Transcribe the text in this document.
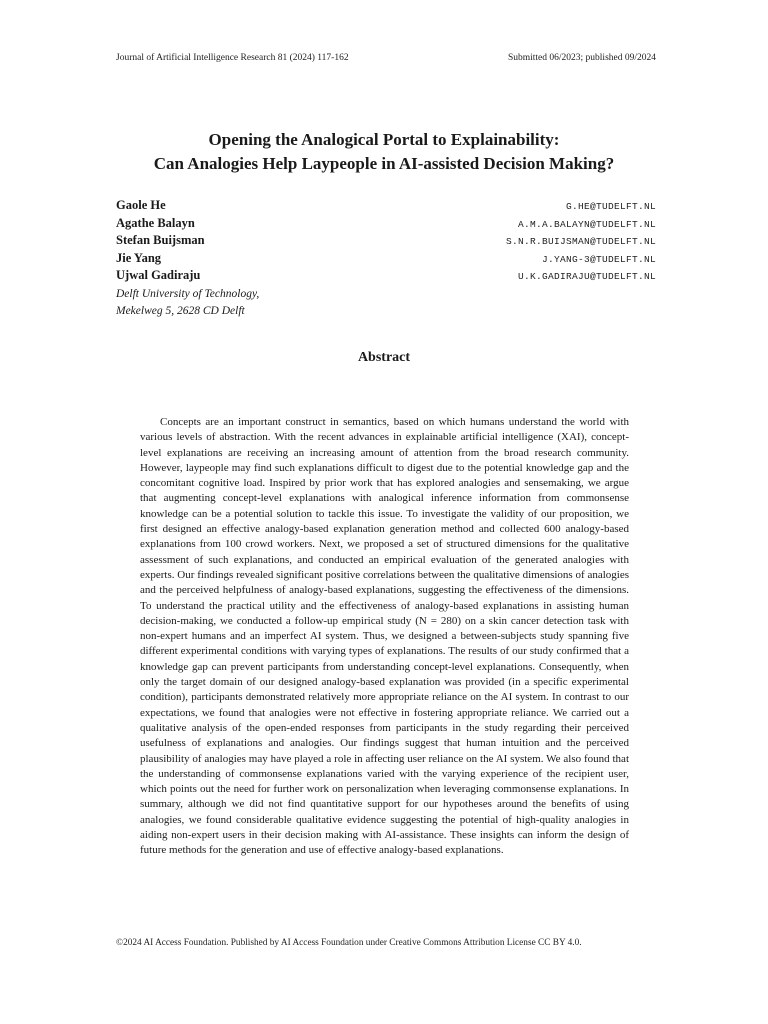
Journal of Artificial Intelligence Research 81 (2024) 117-162	Submitted 06/2023; published 09/2024
Opening the Analogical Portal to Explainability:
Can Analogies Help Laypeople in AI-assisted Decision Making?
Gaole He	G.HE@TUDELFT.NL
Agathe Balayn	A.M.A.BALAYN@TUDELFT.NL
Stefan Buijsman	S.N.R.BUIJSMAN@TUDELFT.NL
Jie Yang	J.YANG-3@TUDELFT.NL
Ujwal Gadiraju	U.K.GADIRAJU@TUDELFT.NL
Delft University of Technology,
Mekelweg 5, 2628 CD Delft
Abstract

Concepts are an important construct in semantics, based on which humans understand the world with various levels of abstraction. With the recent advances in explainable artificial intelligence (XAI), concept-level explanations are receiving an increasing amount of attention from the broad research community. However, laypeople may find such explanations difficult to digest due to the potential knowledge gap and the concomitant cognitive load. Inspired by prior work that has explored analogies and sensemaking, we argue that augmenting concept-level explanations with analogical inference information from commonsense knowledge can be a potential solution to tackle this issue. To investigate the validity of our proposition, we first designed an effective analogy-based explanation generation method and collected 600 analogy-based explanations from 100 crowd workers. Next, we proposed a set of structured dimensions for the qualitative assessment of such explanations, and conducted an empirical evaluation of the generated analogies with experts. Our findings revealed significant positive correlations between the qualitative dimensions of analogies and the perceived helpfulness of analogy-based explanations, suggesting the effectiveness of the dimensions. To understand the practical utility and the effectiveness of analogy-based explanations in assisting human decision-making, we conducted a follow-up empirical study (N = 280) on a skin cancer detection task with non-expert humans and an imperfect AI system. Thus, we designed a between-subjects study spanning five different experimental conditions with varying types of explanations. The results of our study confirmed that a knowledge gap can prevent participants from understanding concept-level explanations. Consequently, when only the target domain of our designed analogy-based explanation was provided (in a specific experimental condition), participants demonstrated relatively more appropriate reliance on the AI system. In contrast to our expectations, we found that analogies were not effective in fostering appropriate reliance. We carried out a qualitative analysis of the open-ended responses from participants in the study regarding their perceived usefulness of explanations and analogies. Our findings suggest that human intuition and the perceived plausibility of analogies may have played a role in affecting user reliance on the AI system. We also found that the understanding of commonsense explanations varied with the varying experience of the recipient user, which points out the need for further work on personalization when leveraging commonsense explanations. In summary, although we did not find quantitative support for our hypotheses around the benefits of using analogies, we found considerable qualitative evidence suggesting the potential of high-quality analogies in aiding non-expert users in their decision making with AI-assistance. These insights can inform the design of future methods for the generation and use of effective analogy-based explanations.

©2024 AI Access Foundation. Published by AI Access Foundation under Creative Commons Attribution License CC BY 4.0.
